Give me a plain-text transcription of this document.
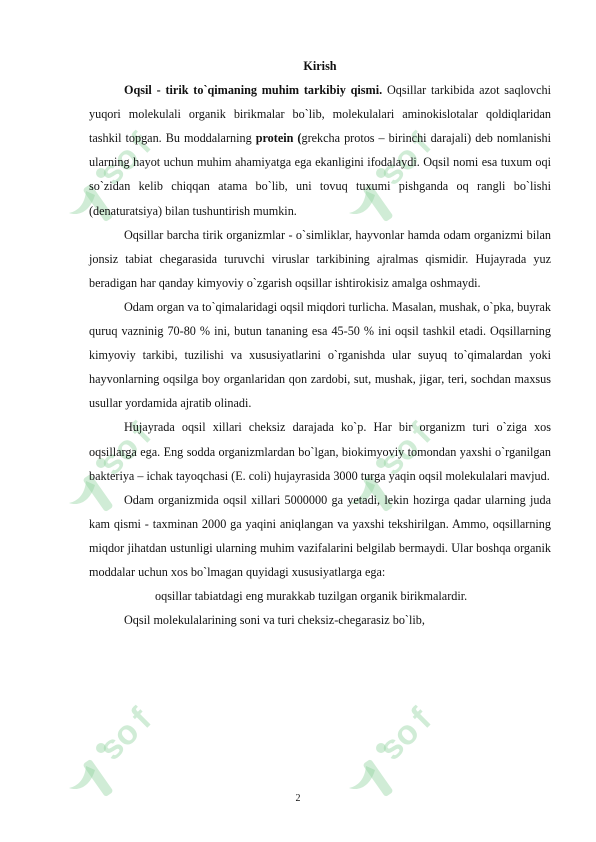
Kirish

Oqsil - tirik to`qimaning muhim tarkibiy qismi. Oqsillar tarkibida azot saqlovchi yuqori molekulali organik birikmalar bo`lib, molekulalari aminokislotalar qoldiqlaridan tashkil topgan. Bu moddalarning protein (grekcha protos – birinchi darajali) deb nomlanishi ularning hayot uchun muhim ahamiyatga ega ekanligini ifodalaydi. Oqsil nomi esa tuxum oqi so`zidan kelib chiqqan atama bo`lib, uni tovuq tuxumi pishganda oq rangli bo`lishi (denaturatsiya) bilan tushuntirish mumkin.

Oqsillar barcha tirik organizmlar - o`simliklar, hayvonlar hamda odam organizmi bilan jonsiz tabiat chegarasida turuvchi viruslar tarkibining ajralmas qismidir. Hujayrada yuz beradigan har qanday kimyoviy o`zgarish oqsillar ishtirokisiz amalga oshmaydi.

Odam organ va to`qimalaridagi oqsil miqdori turlicha. Masalan, mushak, o`pka, buyrak quruq vazninig 70-80 % ini, butun tananing esa 45-50 % ini oqsil tashkil etadi. Oqsillarning kimyoviy tarkibi, tuzilishi va xususiyatlarini o`rganishda ular suyuq to`qimalardan yoki hayvonlarning oqsilga boy organlaridan qon zardobi, sut, mushak, jigar, teri, sochdan maxsus usullar yordamida ajratib olinadi.

Hujayrada oqsil xillari cheksiz darajada ko`p. Har bir organizm turi o`ziga xos oqsillarga ega. Eng sodda organizmlardan bo`lgan, biokimyoviy tomondan yaxshi o`rganilgan bakteriya – ichak tayoqchasi (E. coli) hujayrasida 3000 turga yaqin oqsil molekulalari mavjud.

Odam organizmida oqsil xillari 5000000 ga yetadi, lekin hozirga qadar ularning juda kam qismi - taxminan 2000 ga yaqini aniqlangan va yaxshi tekshirilgan. Ammo, oqsillarning miqdor jihatdan ustunligi ularning muhim vazifalarini belgilab bermaydi. Ular boshqa organik moddalar uchun xos bo`lmagan quyidagi xususiyatlarga ega:

oqsillar tabiatdagi eng murakkab tuzilgan organik birikmalardir.

Oqsil molekulalarining soni va turi cheksiz-chegarasiz bo`lib,

2
